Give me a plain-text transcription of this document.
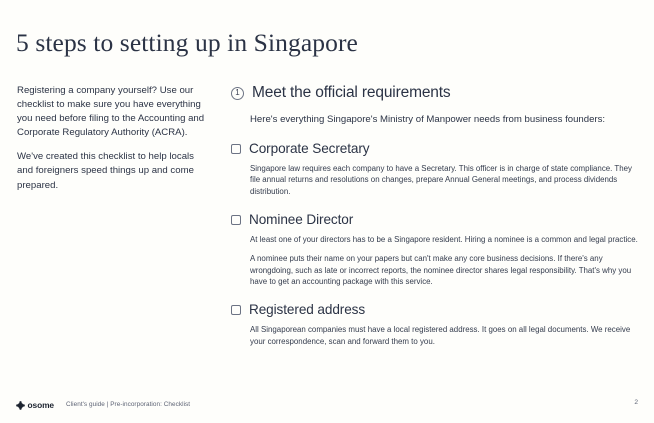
5 steps to setting up in Singapore

Registering a company yourself? Use our checklist to make sure you have everything you need before filing to the Accounting and Corporate Regulatory Authority (ACRA).

We've created this checklist to help locals and foreigners speed things up and come prepared.

1 Meet the official requirements

Here's everything Singapore's Ministry of Manpower needs from business founders:

Corporate Secretary

Singapore law requires each company to have a Secretary. This officer is in charge of state compliance. They file annual returns and resolutions on changes, prepare Annual General meetings, and process dividends distribution.

Nominee Director

At least one of your directors has to be a Singapore resident. Hiring a nominee is a common and legal practice.

A nominee puts their name on your papers but can't make any core business decisions. If there's any wrongdoing, such as late or incorrect reports, the nominee director shares legal responsibility. That's why you have to get an accounting package with this service.

Registered address

All Singaporean companies must have a local registered address. It goes on all legal documents. We receive your correspondence, scan and forward them to you.

osome Client's guide | Pre-incorporation: Checklist	2
